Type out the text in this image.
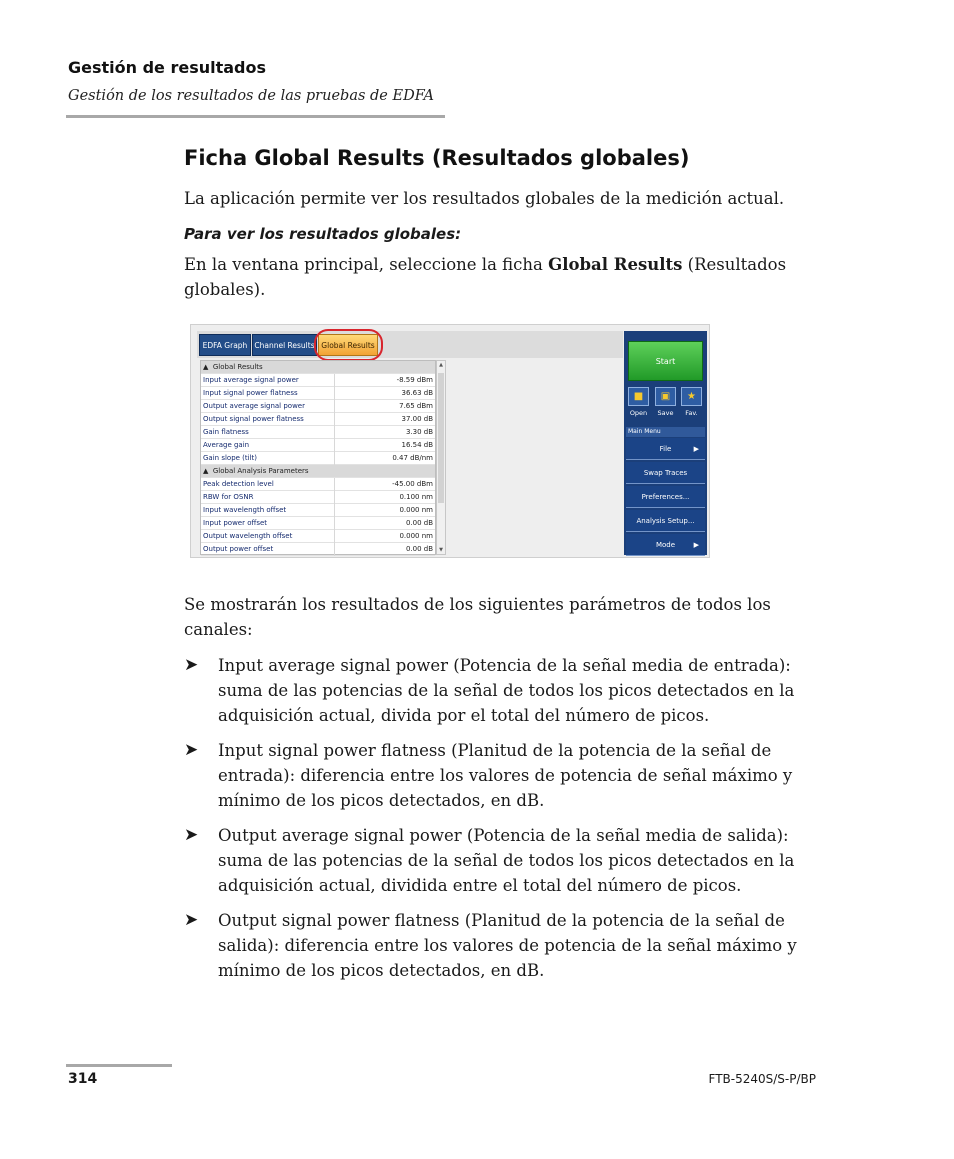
Gestión de resultados
Gestión de los resultados de las pruebas de EDFA
Ficha Global Results (Resultados globales)

La aplicación permite ver los resultados globales de la medición actual.

Para ver los resultados globales:

En la ventana principal, seleccione la ficha Global Results (Resultados globales).

Se mostrarán los resultados de los siguientes parámetros de todos los canales:

➤ Input average signal power (Potencia de la señal media de entrada): suma de las potencias de la señal de todos los picos detectados en la adquisición actual, divida por el total del número de picos.
➤ Input signal power flatness (Planitud de la potencia de la señal de entrada): diferencia entre los valores de potencia de señal máximo y mínimo de los picos detectados, en dB.
➤ Output average signal power (Potencia de la señal media de salida): suma de las potencias de la señal de todos los picos detectados en la adquisición actual, dividida entre el total del número de picos.
➤ Output signal power flatness (Planitud de la potencia de la señal de salida): diferencia entre los valores de potencia de la señal máximo y mínimo de los picos detectados, en dB.
EDFA Graph Channel Results Global Results
▲  Global Results
Input average signal power	-8.59 dBm
Input signal power flatness	36.63 dB
Output average signal power	7.65 dBm
Output signal power flatness	37.00 dB
Gain flatness	3.30 dB
Average gain	16.54 dB
Gain slope (tilt)	0.47 dB/nm
▲  Global Analysis Parameters
Peak detection level	-45.00 dBm
RBW for OSNR	0.100 nm
Input wavelength offset	0.000 nm
Input power offset	0.00 dB
Output wavelength offset	0.000 nm
Output power offset	0.00 dB
▲
▼
Start
■	▣	★
Open	Save	Fav.
Main Menu
File	▶
Swap Traces
Preferences...
Analysis Setup...
Mode	▶
314	FTB-5240S/S-P/BP
